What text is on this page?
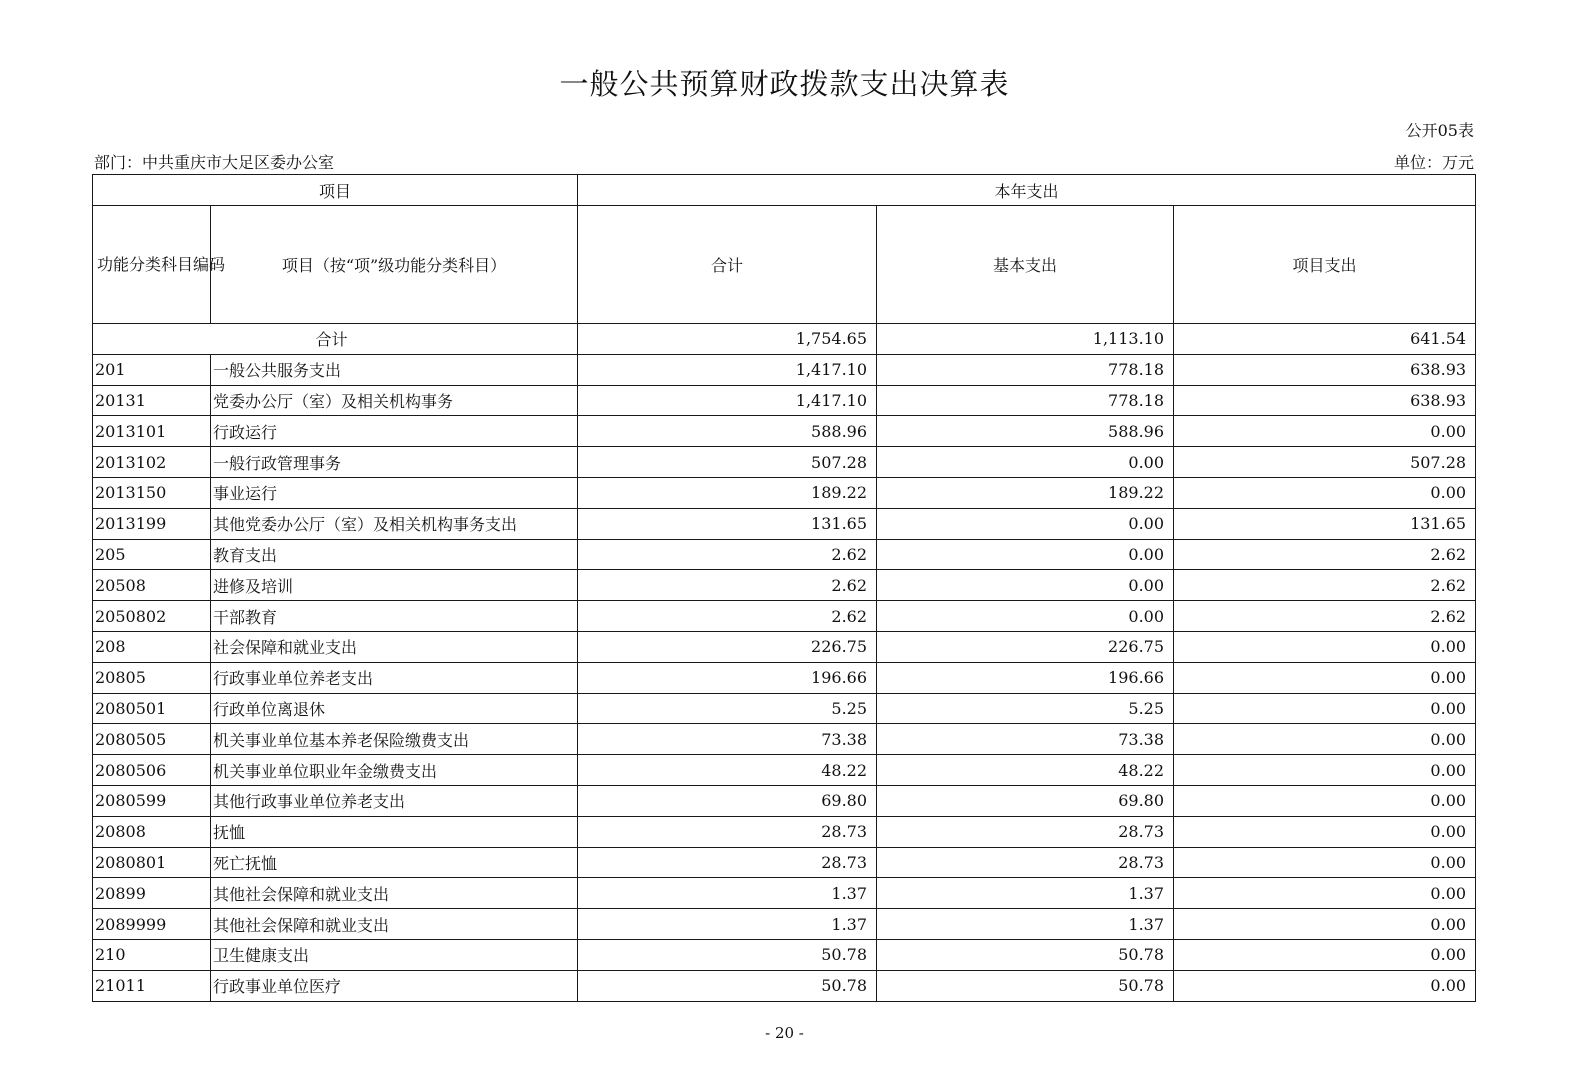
一般公共预算财政拨款支出决算表
公开05表
部门：中共重庆市大足区委办公室	单位：万元
项目		本年支出		
功能分类科目编码	项目（按“项”级功能分类科目）	合计	基本支出	项目支出
合计		1,754.65	1,113.10	641.54
201	一般公共服务支出	1,417.10	778.18	638.93
20131	党委办公厅（室）及相关机构事务	1,417.10	778.18	638.93
2013101	行政运行	588.96	588.96	0.00
2013102	一般行政管理事务	507.28	0.00	507.28
2013150	事业运行	189.22	189.22	0.00
2013199	其他党委办公厅（室）及相关机构事务支出	131.65	0.00	131.65
205	教育支出	2.62	0.00	2.62
20508	进修及培训	2.62	0.00	2.62
2050802	干部教育	2.62	0.00	2.62
208	社会保障和就业支出	226.75	226.75	0.00
20805	行政事业单位养老支出	196.66	196.66	0.00
2080501	行政单位离退休	5.25	5.25	0.00
2080505	机关事业单位基本养老保险缴费支出	73.38	73.38	0.00
2080506	机关事业单位职业年金缴费支出	48.22	48.22	0.00
2080599	其他行政事业单位养老支出	69.80	69.80	0.00
20808	抚恤	28.73	28.73	0.00
2080801	死亡抚恤	28.73	28.73	0.00
20899	其他社会保障和就业支出	1.37	1.37	0.00
2089999	其他社会保障和就业支出	1.37	1.37	0.00
210	卫生健康支出	50.78	50.78	0.00
21011	行政事业单位医疗	50.78	50.78	0.00
- 20 -
